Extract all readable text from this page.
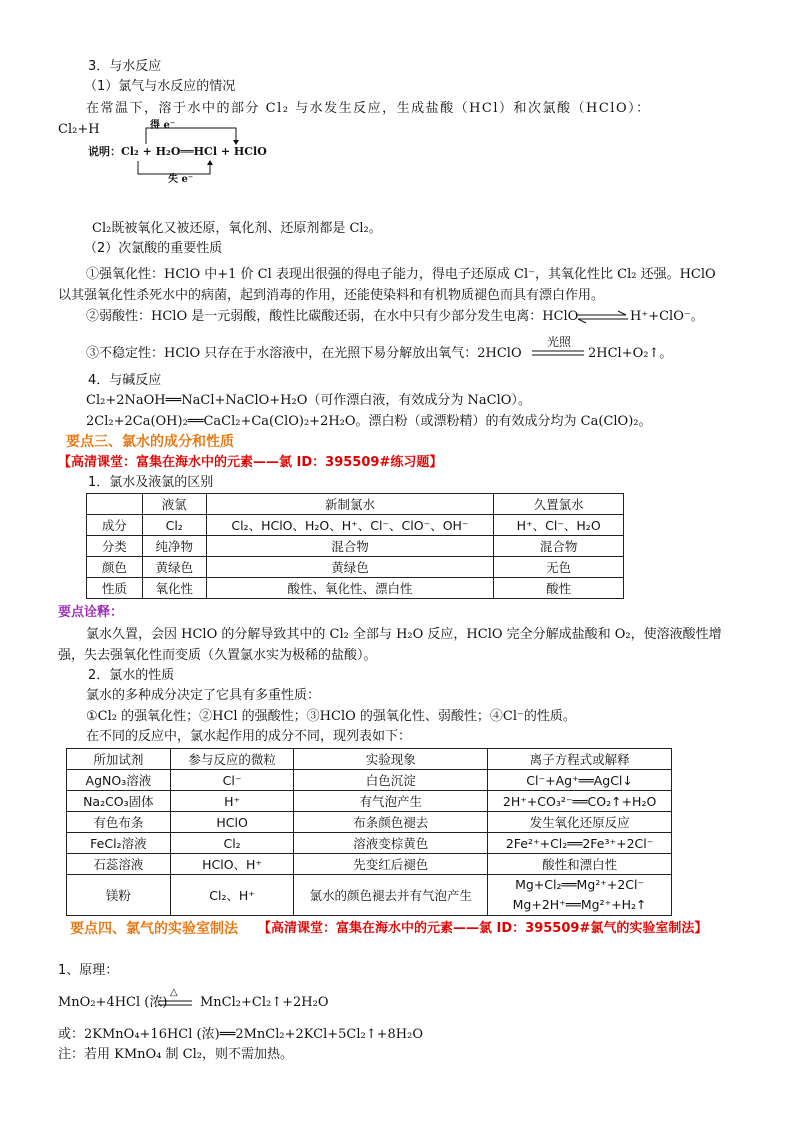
3．与水反应
（1）氯气与水反应的情况
在常温下，溶于水中的部分 Cl₂ 与水发生反应，生成盐酸（HCl）和次氯酸（HClO）：
Cl₂+H	得 e⁻
说明：Cl₂ + H₂O══HCl + HClO
失 e⁻
Cl₂既被氧化又被还原，氧化剂、还原剂都是 Cl₂。
（2）次氯酸的重要性质
①强氧化性：HClO 中+1 价 Cl 表现出很强的得电子能力，得电子还原成 Cl⁻，其氧化性比 Cl₂ 还强。HClO
以其强氧化性杀死水中的病菌，起到消毒的作用，还能使染料和有机物质褪色而具有漂白作用。
②弱酸性：HClO 是一元弱酸，酸性比碳酸还弱，在水中只有少部分发生电离：HClO	H⁺+ClO⁻。
③不稳定性：HClO 只存在于水溶液中，在光照下易分解放出氧气：2HClO
光照
2HCl+O₂↑。
4．与碱反应
Cl₂+2NaOH══NaCl+NaClO+H₂O（可作漂白液，有效成分为 NaClO）。
2Cl₂+2Ca(OH)₂══CaCl₂+Ca(ClO)₂+2H₂O。漂白粉（或漂粉精）的有效成分均为 Ca(ClO)₂。
要点三、氯水的成分和性质
【高清课堂：富集在海水中的元素——氯 ID：395509#练习题】
1．氯水及液氯的区别
	液氯	新制氯水	久置氯水
成分	Cl₂	Cl₂、HClO、H₂O、H⁺、Cl⁻、ClO⁻、OH⁻	H⁺、Cl⁻、H₂O
分类	纯净物	混合物	混合物
颜色	黄绿色	黄绿色	无色
性质	氧化性	酸性、氧化性、漂白性	酸性
要点诠释：
氯水久置，会因 HClO 的分解导致其中的 Cl₂ 全部与 H₂O 反应，HClO 完全分解成盐酸和 O₂，使溶液酸性增
强，失去强氧化性而变质（久置氯水实为极稀的盐酸）。
2．氯水的性质
氯水的多种成分决定了它具有多重性质：
①Cl₂ 的强氧化性；②HCl 的强酸性；③HClO 的强氧化性、弱酸性；④Cl⁻的性质。
在不同的反应中，氯水起作用的成分不同，现列表如下：
所加试剂	参与反应的微粒	实验现象	离子方程式或解释
AgNO₃溶液	Cl⁻	白色沉淀	Cl⁻+Ag⁺══AgCl↓
Na₂CO₃固体	H⁺	有气泡产生	2H⁺+CO₃²⁻══CO₂↑+H₂O
有色布条	HClO	布条颜色褪去	发生氧化还原反应
FeCl₂溶液	Cl₂	溶液变棕黄色	2Fe²⁺+Cl₂══2Fe³⁺+2Cl⁻
石蕊溶液	HClO、H⁺	先变红后褪色	酸性和漂白性
镁粉	Cl₂、H⁺	氯水的颜色褪去并有气泡产生	Mg+Cl₂══Mg²⁺+2Cl⁻
Mg+2H⁺══Mg²⁺+H₂↑
要点四、氯气的实验室制法 【高清课堂：富集在海水中的元素——氯 ID：395509#氯气的实验室制法】
1、原理：
MnO₂+4HCl (浓)
△
MnCl₂+Cl₂↑+2H₂O
或：2KMnO₄+16HCl (浓)══2MnCl₂+2KCl+5Cl₂↑+8H₂O
注：若用 KMnO₄ 制 Cl₂，则不需加热。
